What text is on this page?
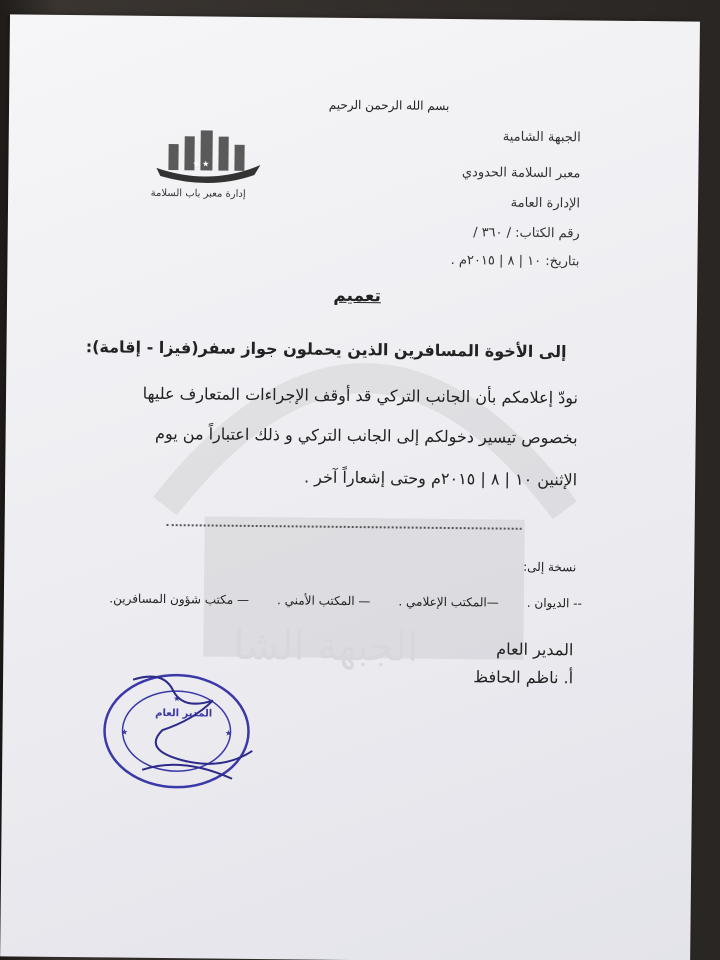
الجبهة الشا
بسم الله الرحمن الرحيم
★ ★
إدارة معبر باب السلامة
الجبهة الشامية
معبر السلامة الحدودي
الإدارة العامة
رقم الكتاب: / ٣٦٠ /
بتاريخ: ١٠ | ٨ | ٢٠١٥م .
تعميم
إلى الأخوة المسافرين الذين يحملون جواز سفر(فيزا - إقامة):
نودّ إعلامكم بأن الجانب التركي قد أوقف الإجراءات المتعارف عليها
بخصوص تيسير دخولكم إلى الجانب التركي و ذلك اعتباراً من يوم
الإثنين ١٠ | ٨ | ٢٠١٥م وحتى إشعاراً آخر .
نسخة إلى:
-- الديوان .
—المكتب الإعلامي .
— المكتب الأمني .
— مكتب شؤون المسافرين.
المدير العام
أ. ناظم الحافظ
★
★	★
المدير العام
